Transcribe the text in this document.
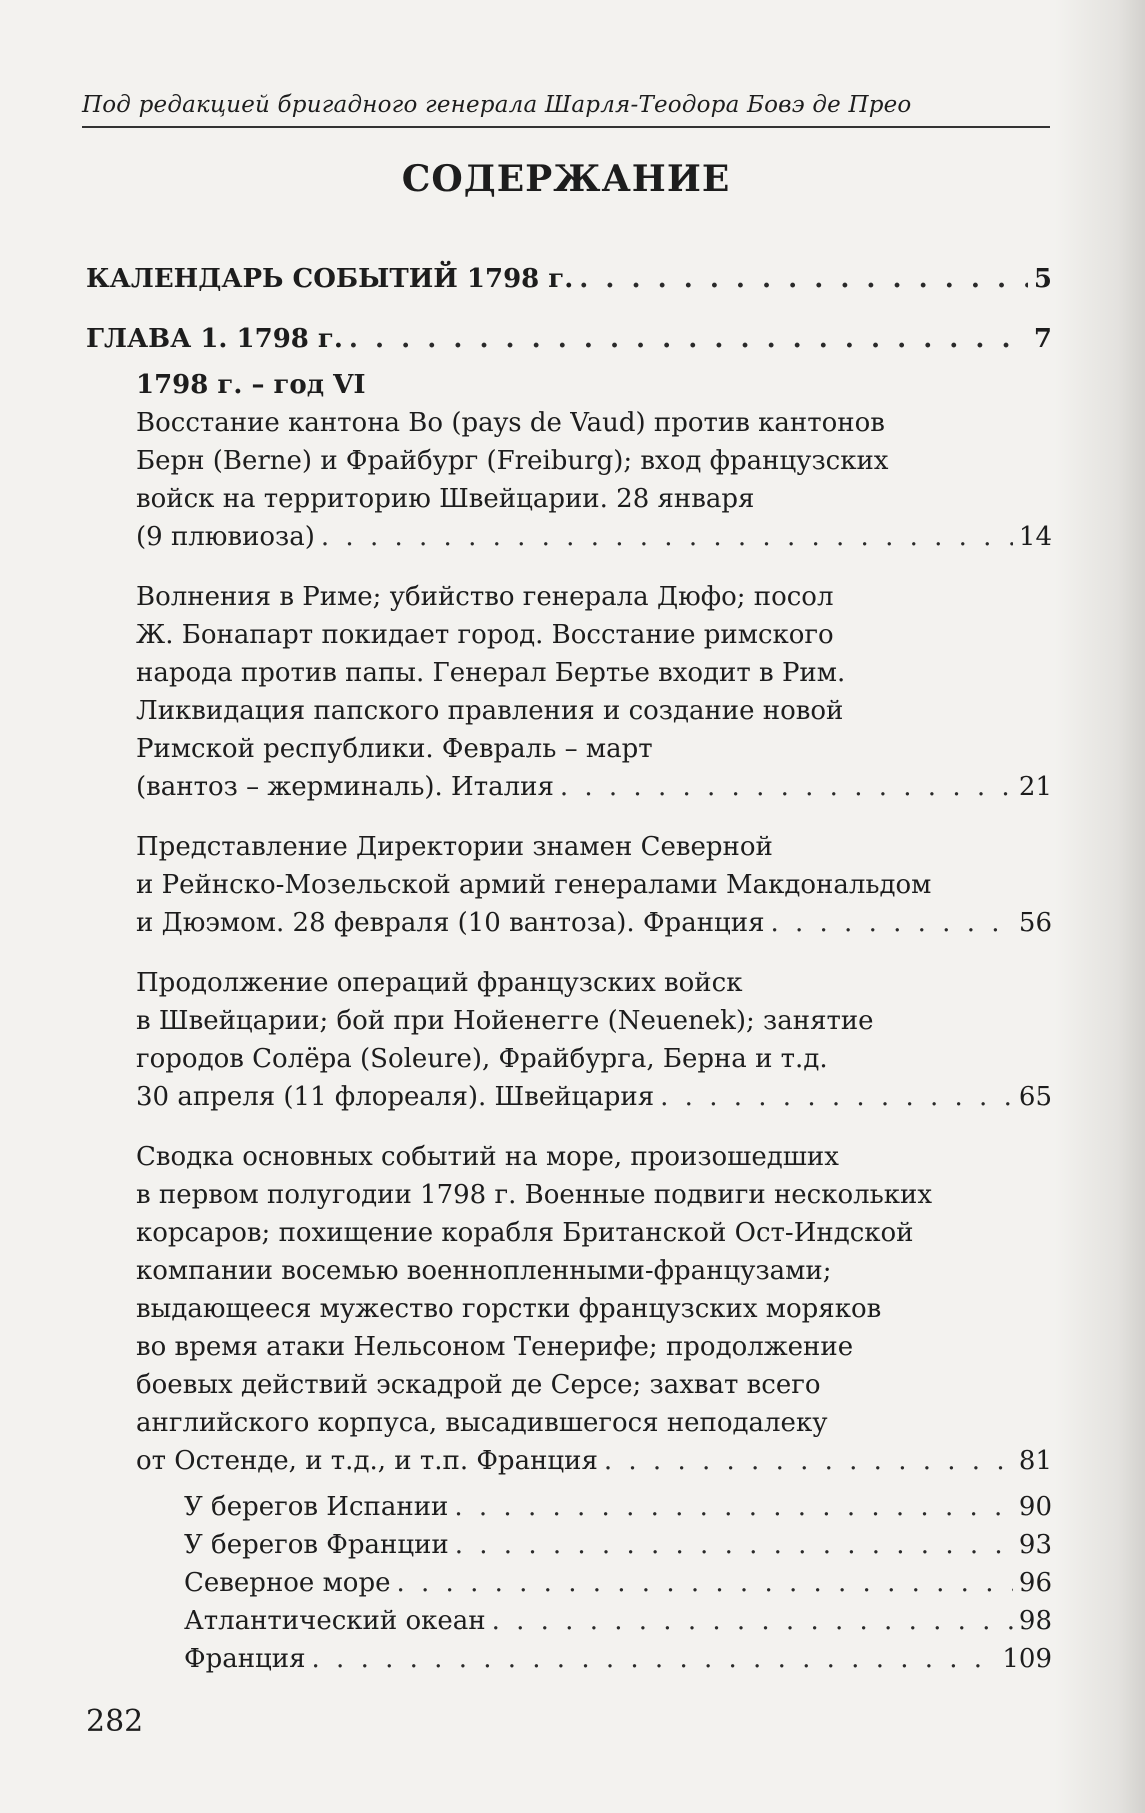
Под редакцией бригадного генерала Шарля-Теодора Бовэ де Прео
СОДЕРЖАНИЕ
КАЛЕНДАРЬ СОБЫТИЙ 1798 г. . . .	5
ГЛАВА 1. 1798 г. . . .	7
1798 г. – год VI
Восстание кантона Во (pays de Vaud) против кантонов
Берн (Berne) и Фрайбург (Freiburg); вход французских
войск на территорию Швейцарии. 28 января
(9 плювиоза) . . .	14
Волнения в Риме; убийство генерала Дюфо; посол
Ж. Бонапарт покидает город. Восстание римского
народа против папы. Генерал Бертье входит в Рим.
Ликвидация папского правления и создание новой
Римской республики. Февраль – март
(вантоз – жерминаль). Италия . . .	21
Представление Директории знамен Северной
и Рейнско-Мозельской армий генералами Макдональдом
и Дюэмом. 28 февраля (10 вантоза). Франция . . .	56
Продолжение операций французских войск
в Швейцарии; бой при Нойенегге (Neuenek); занятие
городов Солёра (Soleure), Фрайбурга, Берна и т.д.
30 апреля (11 флореаля). Швейцария . . .	65
Сводка основных событий на море, произошедших
в первом полугодии 1798 г. Военные подвиги нескольких
корсаров; похищение корабля Британской Ост-Индской
компании восемью военнопленными-французами;
выдающееся мужество горстки французских моряков
во время атаки Нельсоном Тенерифе; продолжение
боевых действий эскадрой де Серсе; захват всего
английского корпуса, высадившегося неподалеку
от Остенде, и т.д., и т.п. Франция . . .	81
У берегов Испании . . .	90
У берегов Франции . . .	93
Северное море . . .	96
Атлантический океан . . .	98
Франция . . .	109
282
